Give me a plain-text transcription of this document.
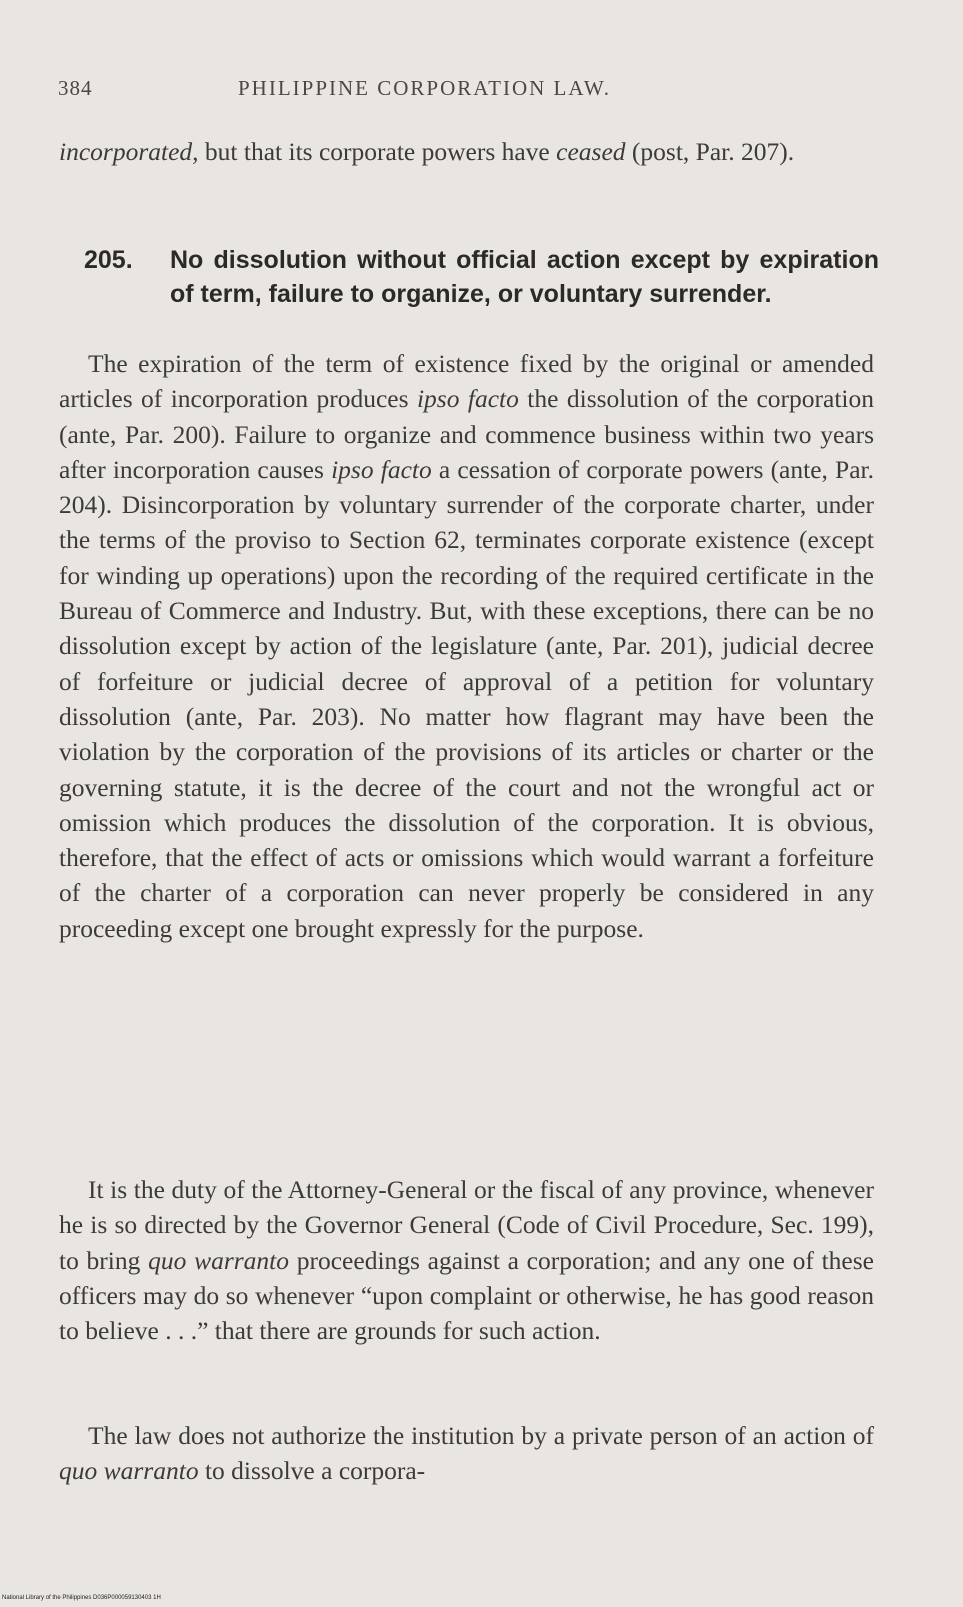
384	PHILIPPINE CORPORATION LAW.

incorporated, but that its corporate powers have ceased (post, Par. 207).

205. No dissolution without official action except by expiration of term, failure to organize, or voluntary surrender.

The expiration of the term of existence fixed by the original or amended articles of incorporation produces ipso facto the dissolution of the corporation (ante, Par. 200). Failure to organize and commence business within two years after incorporation causes ipso facto a cessation of corporate powers (ante, Par. 204). Disincorporation by voluntary surrender of the corporate charter, under the terms of the proviso to Section 62, terminates corporate existence (except for winding up operations) upon the recording of the required certificate in the Bureau of Commerce and Industry. But, with these exceptions, there can be no dissolution except by action of the legislature (ante, Par. 201), judicial decree of forfeiture or judicial decree of approval of a petition for voluntary dissolution (ante, Par. 203). No matter how flagrant may have been the violation by the corporation of the provisions of its articles or charter or the governing statute, it is the decree of the court and not the wrongful act or omission which produces the dissolution of the corporation. It is obvious, therefore, that the effect of acts or omissions which would warrant a forfeiture of the charter of a corporation can never properly be considered in any proceeding except one brought expressly for the purpose.

It is the duty of the Attorney-General or the fiscal of any province, whenever he is so directed by the Governor General (Code of Civil Procedure, Sec. 199), to bring quo warranto proceedings against a corporation; and any one of these officers may do so whenever “upon complaint or otherwise, he has good reason to believe . . .” that there are grounds for such action.

The law does not authorize the institution by a private person of an action of quo warranto to dissolve a corpora-

National Library of the Philippines D036P000059130403 1H
